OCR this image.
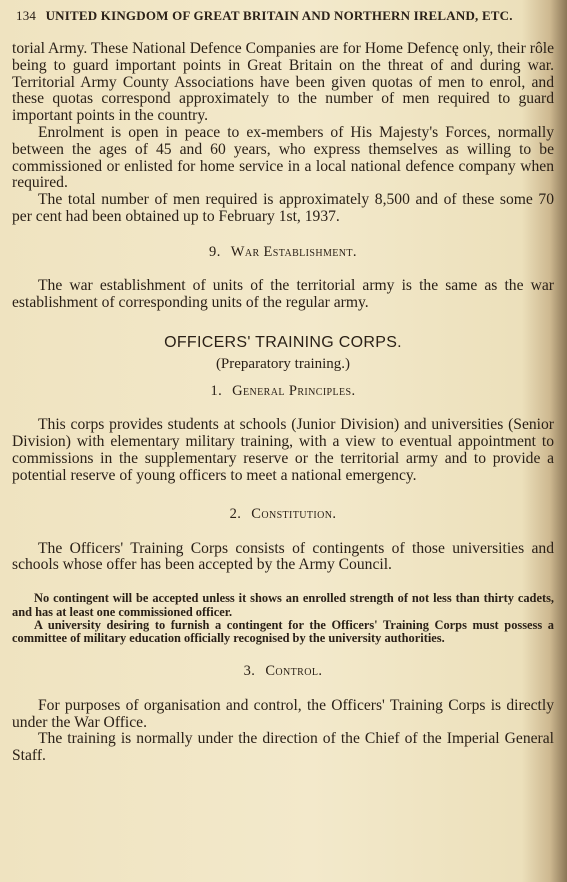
134 UNITED KINGDOM OF GREAT BRITAIN AND NORTHERN IRELAND, ETC.

torial Army. These National Defence Companies are for Home Defencę only, their rôle being to guard important points in Great Britain on the threat of and during war. Territorial Army County Associations have been given quotas of men to enrol, and these quotas correspond approximately to the number of men required to guard important points in the country.

Enrolment is open in peace to ex-members of His Majesty's Forces, normally between the ages of 45 and 60 years, who express themselves as willing to be commissioned or enlisted for home service in a local national defence company when required.

The total number of men required is approximately 8,500 and of these some 70 per cent had been obtained up to February 1st, 1937.

9. War Establishment.

The war establishment of units of the territorial army is the same as the war establishment of corresponding units of the regular army.

OFFICERS' TRAINING CORPS.
(Preparatory training.)
1. General Principles.

This corps provides students at schools (Junior Division) and universities (Senior Division) with elementary military training, with a view to eventual appointment to commissions in the supplementary reserve or the territorial army and to provide a potential reserve of young officers to meet a national emergency.

2. Constitution.

The Officers' Training Corps consists of contingents of those universities and schools whose offer has been accepted by the Army Council.

No contingent will be accepted unless it shows an enrolled strength of not less than thirty cadets, and has at least one commissioned officer.

A university desiring to furnish a contingent for the Officers' Training Corps must possess a committee of military education officially recognised by the university authorities.

3. Control.

For purposes of organisation and control, the Officers' Training Corps is directly under the War Office.

The training is normally under the direction of the Chief of the Imperial General Staff.
